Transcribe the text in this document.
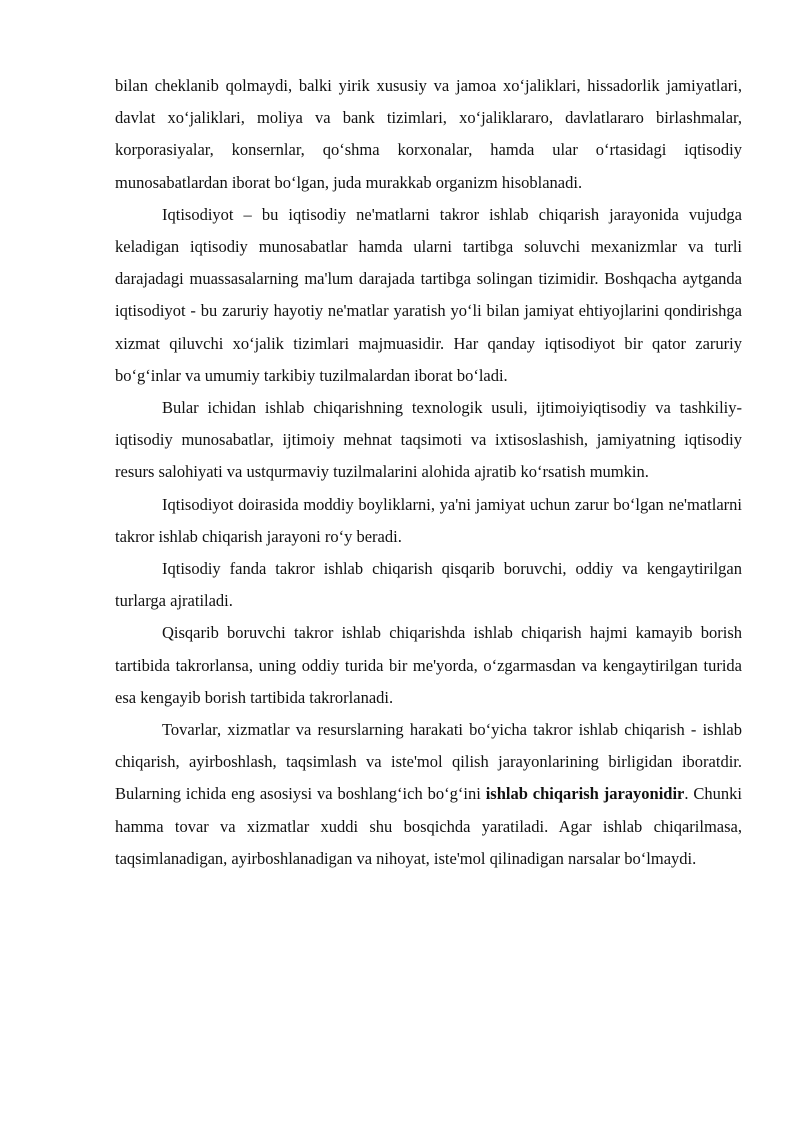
bilan cheklanib qolmaydi, balki yirik xususiy va jamoa xo‘jaliklari, hissadorlik jamiyatlari, davlat xo‘jaliklari, moliya va bank tizimlari, xo‘jaliklararo, davlatlararo birlashmalar, korporasiyalar, konsernlar, qo‘shma korxonalar, hamda ular o‘rtasidagi iqtisodiy munosabatlardan iborat bo‘lgan, juda murakkab organizm hisoblanadi.

Iqtisodiyot – bu iqtisodiy ne'matlarni takror ishlab chiqarish jarayonida vujudga keladigan iqtisodiy munosabatlar hamda ularni tartibga soluvchi mexanizmlar va turli darajadagi muassasalarning ma'lum darajada tartibga solingan tizimidir. Boshqacha aytganda iqtisodiyot - bu zaruriy hayotiy ne'matlar yaratish yo‘li bilan jamiyat ehtiyojlarini qondirishga xizmat qiluvchi xo‘jalik tizimlari majmuasidir. Har qanday iqtisodiyot bir qator zaruriy bo‘g‘inlar va umumiy tarkibiy tuzilmalardan iborat bo‘ladi.

Bular ichidan ishlab chiqarishning texnologik usuli, ijtimoiyiqtisodiy va tashkiliy-iqtisodiy munosabatlar, ijtimoiy mehnat taqsimoti va ixtisoslashish, jamiyatning iqtisodiy resurs salohiyati va ustqurmaviy tuzilmalarini alohida ajratib ko‘rsatish mumkin.

Iqtisodiyot doirasida moddiy boyliklarni, ya'ni jamiyat uchun zarur bo‘lgan ne'matlarni takror ishlab chiqarish jarayoni ro‘y beradi.

Iqtisodiy fanda takror ishlab chiqarish qisqarib boruvchi, oddiy va kengaytirilgan turlarga ajratiladi.

Qisqarib boruvchi takror ishlab chiqarishda ishlab chiqarish hajmi kamayib borish tartibida takrorlansa, uning oddiy turida bir me'yorda, o‘zgarmasdan va kengaytirilgan turida esa kengayib borish tartibida takrorlanadi.

Tovarlar, xizmatlar va resurslarning harakati bo‘yicha takror ishlab chiqarish - ishlab chiqarish, ayirboshlash, taqsimlash va iste'mol qilish jarayonlarining birligidan iboratdir. Bularning ichida eng asosiysi va boshlang‘ich bo‘g‘ini ishlab chiqarish jarayonidir. Chunki hamma tovar va xizmatlar xuddi shu bosqichda yaratiladi. Agar ishlab chiqarilmasa, taqsimlanadigan, ayirboshlanadigan va nihoyat, iste'mol qilinadigan narsalar bo‘lmaydi.
